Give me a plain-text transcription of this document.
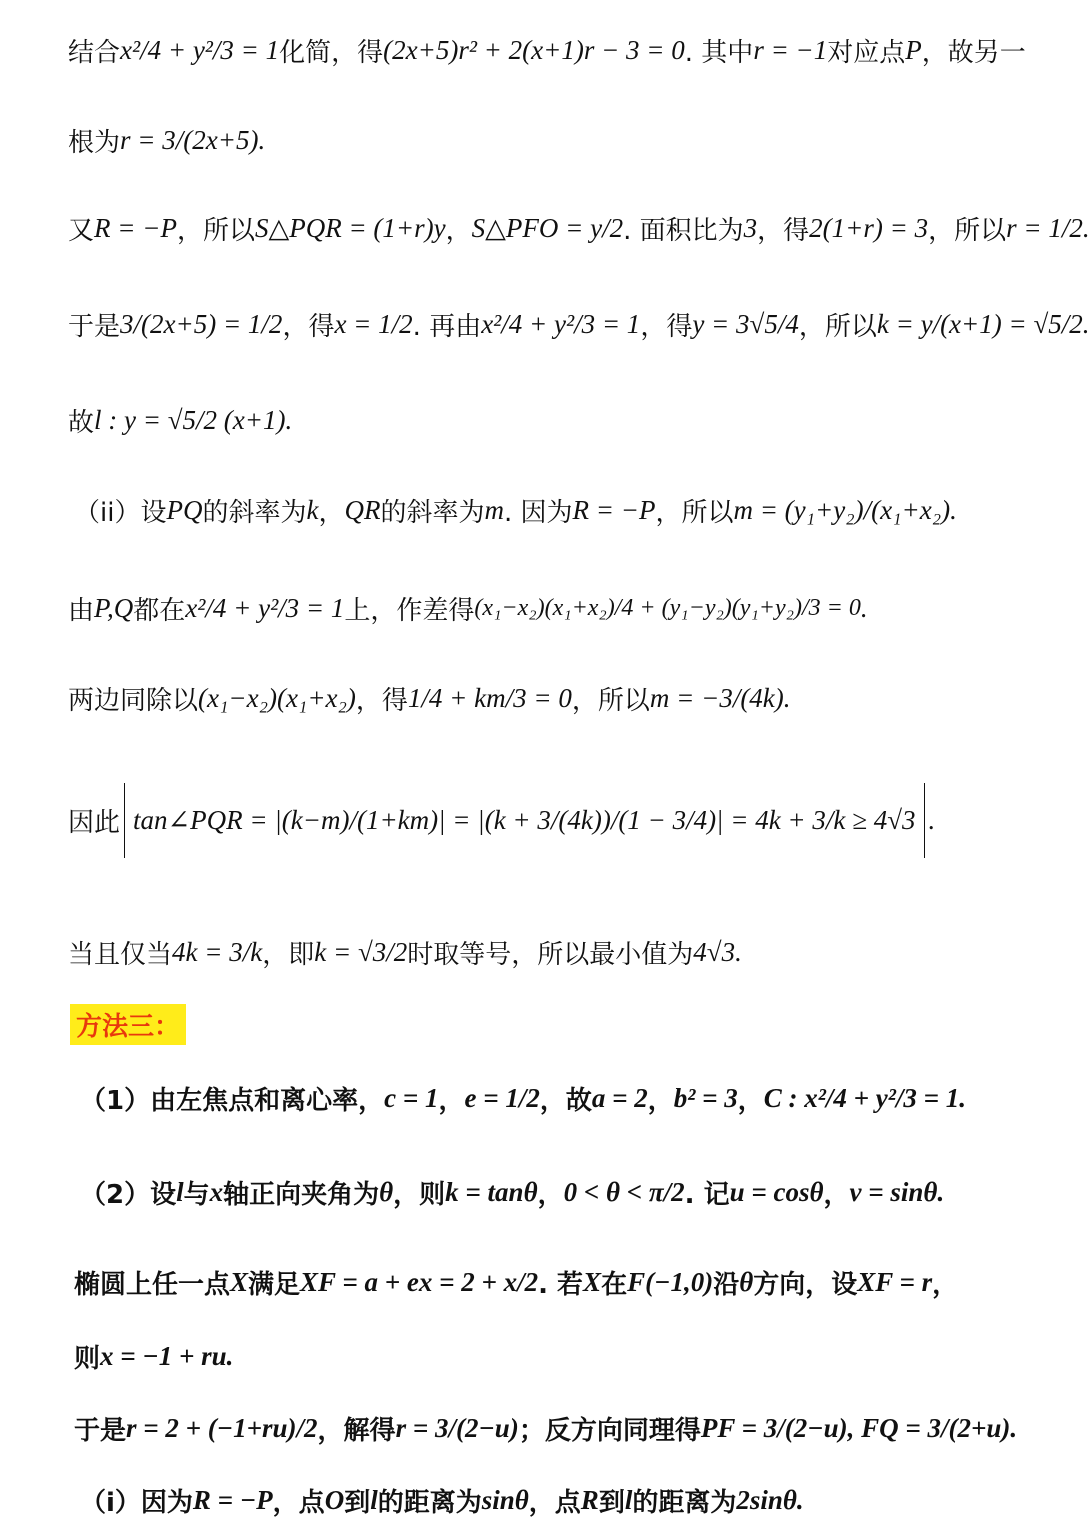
结合 x²/4 + y²/3 = 1 化简，得 (2x+5)r² + 2(x+1)r − 3 = 0 . 其中 r = −1 对应点 P ，故另一
根为 r = 3/(2x+5) .
又 R = −P ，所以 S△PQR = (1+r)y ， S△PFO = y/2 . 面积比为 3 ，得 2(1+r) = 3 ，所以 r = 1/2 .
于是 3/(2x+5) = 1/2 ，得 x = 1/2 . 再由 x²/4 + y²/3 = 1 ，得 y = 3√5/4 ，所以 k = y/(x+1) = √5/2 .
故 l : y = √5/2 (x+1) .
（ii）设 PQ 的斜率为 k ， QR 的斜率为 m . 因为 R = −P ，所以 m = (y₁+y₂)/(x₁+x₂) .
由 P,Q 都在 x²/4 + y²/3 = 1 上，作差得 (x₁−x₂)(x₁+x₂)/4 + (y₁−y₂)(y₁+y₂)/3 = 0 .
两边同除以 (x₁−x₂)(x₁+x₂) ，得 1/4 + km/3 = 0 ，所以 m = −3/(4k) .
因此 tan∠PQR = |(k−m)/(1+km)| = |(k + 3/(4k))/(1 − 3/4)| = 4k + 3/k ≥ 4√3 .
当且仅当 4k = 3/k ，即 k = √3/2 时取等号，所以最小值为 4√3 .
方法三：
（1）由左焦点和离心率， c = 1 ， e = 1/2 ，故 a = 2 ， b² = 3 ， C : x²/4 + y²/3 = 1 .
（2）设 l 与 x 轴正向夹角为 θ ，则 k = tanθ ， 0 < θ < π/2 . 记 u = cosθ ， v = sinθ .
椭圆上任一点 X 满足 XF = a + ex = 2 + x/2 . 若 X 在 F(−1,0) 沿 θ 方向，设 XF = r ，
则 x = −1 + ru .
于是 r = 2 + (−1+ru)/2 ，解得 r = 3/(2−u) ；反方向同理得 PF = 3/(2−u), FQ = 3/(2+u) .
（i）因为 R = −P ，点 O 到 l 的距离为 sinθ ，点 R 到 l 的距离为 2sinθ .
